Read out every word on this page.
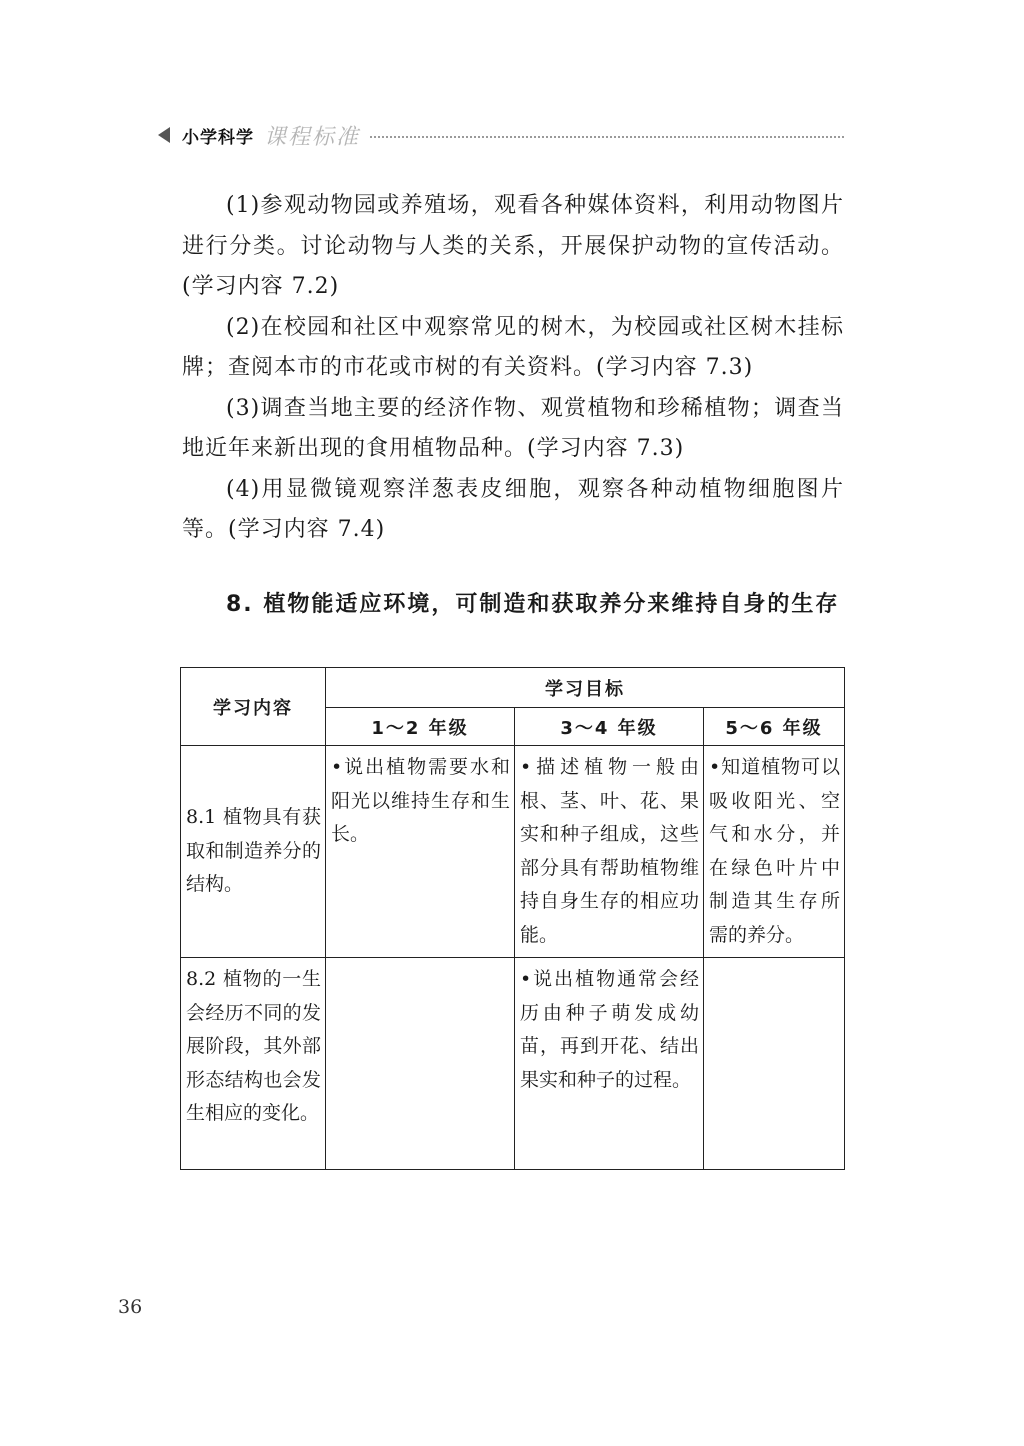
小学科学 课程标准

(1)参观动物园或养殖场，观看各种媒体资料，利用动物图片进行分类。讨论动物与人类的关系，开展保护动物的宣传活动。(学习内容 7.2)

(2)在校园和社区中观察常见的树木，为校园或社区树木挂标牌；查阅本市的市花或市树的有关资料。(学习内容 7.3)

(3)调查当地主要的经济作物、观赏植物和珍稀植物；调查当地近年来新出现的食用植物品种。(学习内容 7.3)

(4)用显微镜观察洋葱表皮细胞，观察各种动植物细胞图片等。(学习内容 7.4)

8. 植物能适应环境，可制造和获取养分来维持自身的生存
学习内容	学习目标		
	1～2 年级	3～4 年级	5～6 年级
8.1 植物具有获取和制造养分的结构。	•说出植物需要水和阳光以维持生存和生长。	•描述植物一般由根、茎、叶、花、果实和种子组成，这些部分具有帮助植物维持自身生存的相应功能。	•知道植物可以吸收阳光、空气和水分，并在绿色叶片中制造其生存所需的养分。
8.2 植物的一生会经历不同的发展阶段，其外部形态结构也会发生相应的变化。		•说出植物通常会经历由种子萌发成幼苗，再到开花、结出果实和种子的过程。	
36
